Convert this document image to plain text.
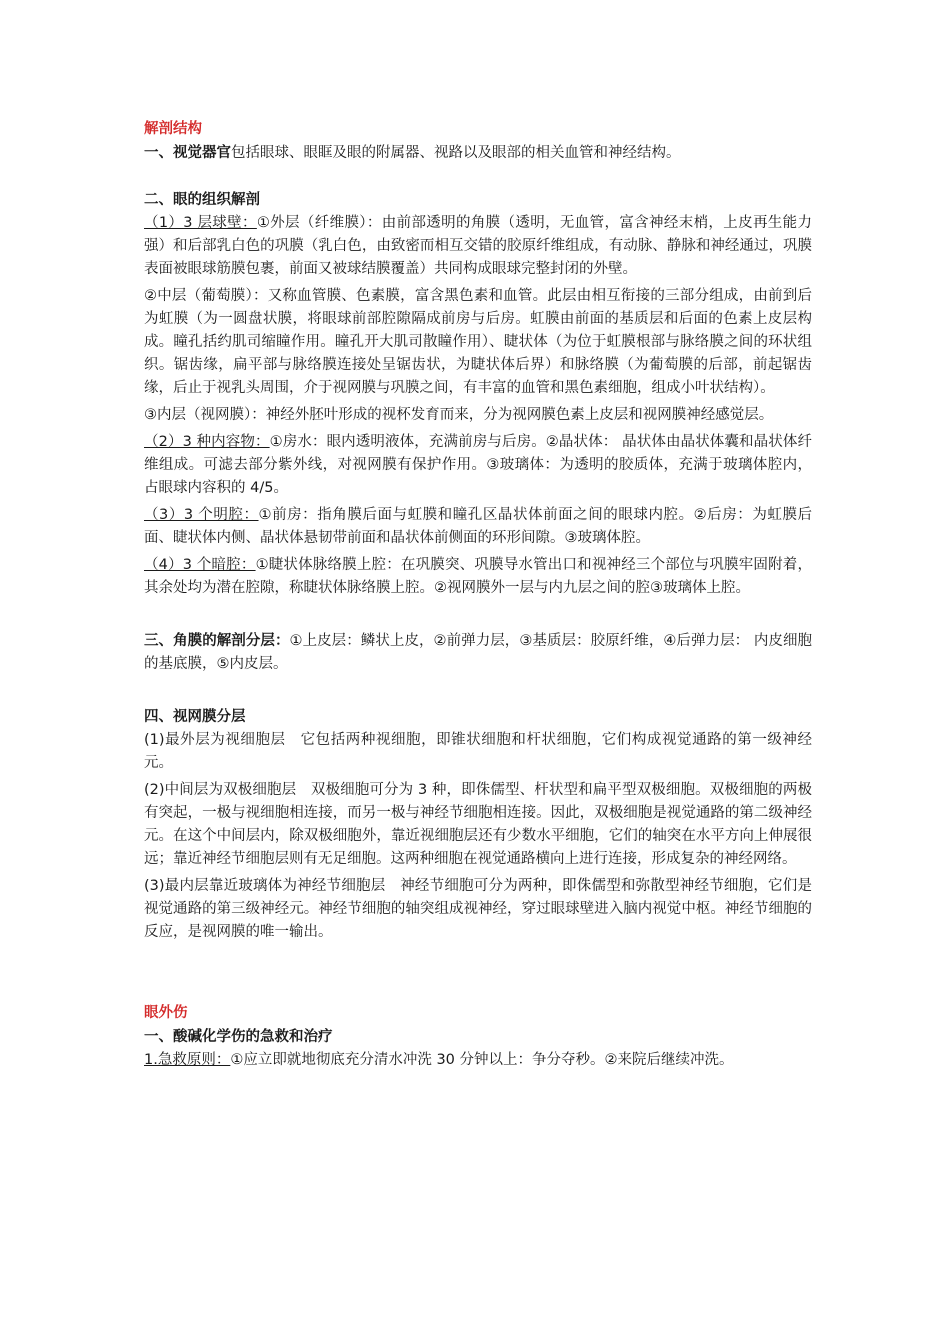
解剖结构

一、视觉器官包括眼球、眼眶及眼的附属器、视路以及眼部的相关血管和神经结构。

二、眼的组织解剖

（1）3 层球壁：①外层（纤维膜）：由前部透明的角膜（透明，无血管，富含神经末梢，上皮再生能力强）和后部乳白色的巩膜（乳白色，由致密而相互交错的胶原纤维组成，有动脉、静脉和神经通过，巩膜表面被眼球筋膜包裹，前面又被球结膜覆盖）共同构成眼球完整封闭的外壁。

②中层（葡萄膜）：又称血管膜、色素膜，富含黑色素和血管。此层由相互衔接的三部分组成，由前到后为虹膜（为一圆盘状膜，将眼球前部腔隙隔成前房与后房。虹膜由前面的基质层和后面的色素上皮层构成。瞳孔括约肌司缩瞳作用。瞳孔开大肌司散瞳作用）、睫状体（为位于虹膜根部与脉络膜之间的环状组织。锯齿缘，扁平部与脉络膜连接处呈锯齿状，为睫状体后界）和脉络膜（为葡萄膜的后部，前起锯齿缘，后止于视乳头周围，介于视网膜与巩膜之间，有丰富的血管和黑色素细胞，组成小叶状结构）。

③内层（视网膜）：神经外胚叶形成的视杯发育而来，分为视网膜色素上皮层和视网膜神经感觉层。

（2）3 种内容物：①房水：眼内透明液体，充满前房与后房。②晶状体： 晶状体由晶状体囊和晶状体纤维组成。可滤去部分紫外线，对视网膜有保护作用。③玻璃体：为透明的胶质体，充满于玻璃体腔内， 占眼球内容积的 4/5。

（3）3 个明腔：①前房：指角膜后面与虹膜和瞳孔区晶状体前面之间的眼球内腔。②后房：为虹膜后面、睫状体内侧、晶状体悬韧带前面和晶状体前侧面的环形间隙。③玻璃体腔。

（4）3 个暗腔：①睫状体脉络膜上腔：在巩膜突、巩膜导水管出口和视神经三个部位与巩膜牢固附着，其余处均为潜在腔隙，称睫状体脉络膜上腔。②视网膜外一层与内九层之间的腔③玻璃体上腔。

三、角膜的解剖分层：①上皮层：鳞状上皮，②前弹力层，③基质层：胶原纤维，④后弹力层： 内皮细胞的基底膜，⑤内皮层。

四、视网膜分层

(1)最外层为视细胞层　它包括两种视细胞，即锥状细胞和杆状细胞，它们构成视觉通路的第一级神经元。

(2)中间层为双极细胞层　双极细胞可分为 3 种，即侏儒型、杆状型和扁平型双极细胞。双极细胞的两极有突起，一极与视细胞相连接，而另一极与神经节细胞相连接。因此，双极细胞是视觉通路的第二级神经元。在这个中间层内，除双极细胞外，靠近视细胞层还有少数水平细胞，它们的轴突在水平方向上伸展很远；靠近神经节细胞层则有无足细胞。这两种细胞在视觉通路横向上进行连接，形成复杂的神经网络。

(3)最内层靠近玻璃体为神经节细胞层　神经节细胞可分为两种，即侏儒型和弥散型神经节细胞，它们是视觉通路的第三级神经元。神经节细胞的轴突组成视神经，穿过眼球壁进入脑内视觉中枢。神经节细胞的反应，是视网膜的唯一输出。

眼外伤
一、酸碱化学伤的急救和治疗

1.急救原则：①应立即就地彻底充分清水冲洗 30 分钟以上：争分夺秒。②来院后继续冲洗。
